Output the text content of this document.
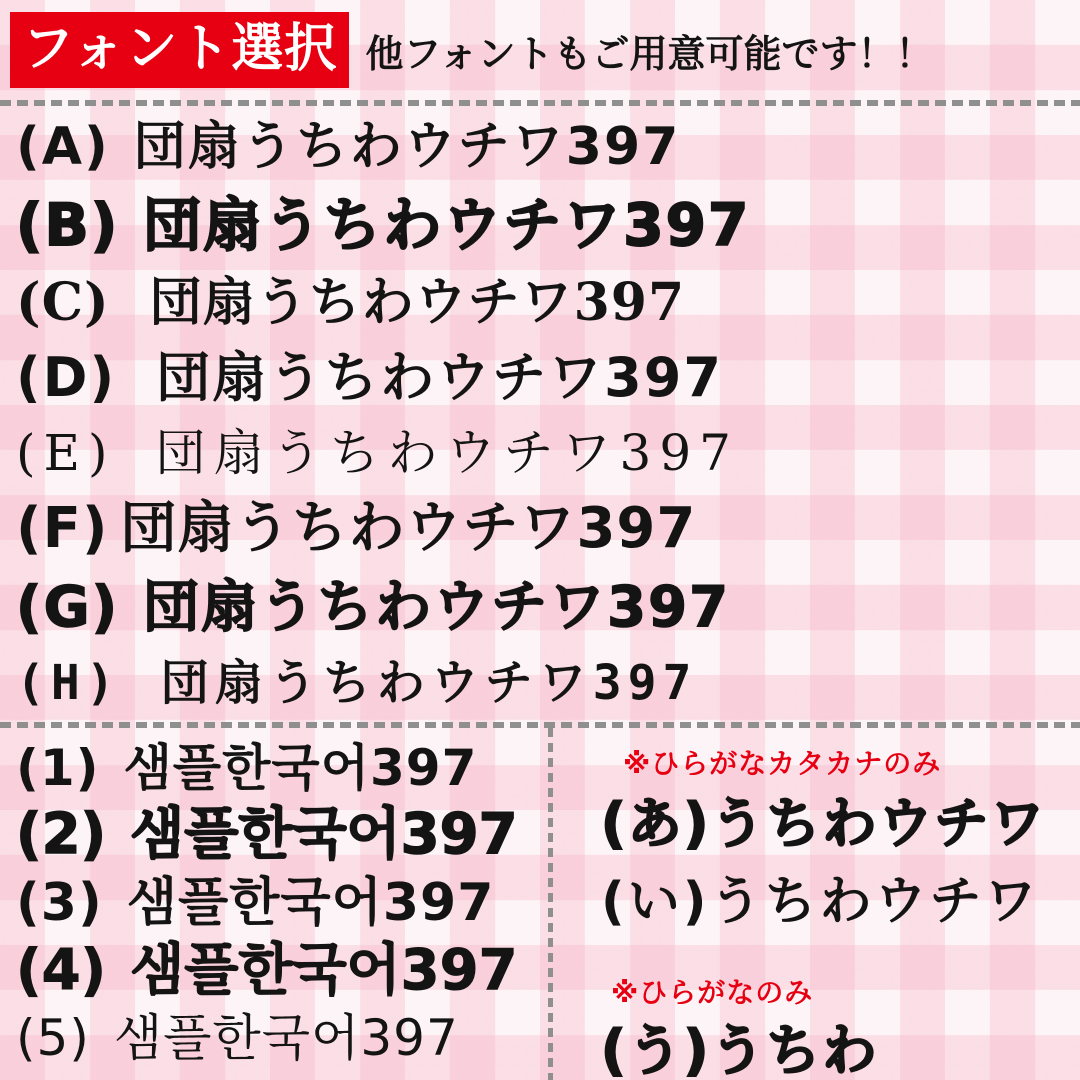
フォント選択 他フォントもご用意可能です！！
(A) 団扇うちわウチワ397
(B) 団扇うちわウチワ397
(C) 団扇うちわウチワ397
(D) 団扇うちわウチワ397
(E) 団扇うちわウチワ397
(F) 団扇うちわウチワ397
(G) 団扇うちわウチワ397
(H) 団扇うちわウチワ397
(1) 샘플한국어397
(2) 샘플한국어397
(3) 샘플한국어397
(4) 샘플한국어397
(5) 샘플한국어397
※ひらがなカタカナのみ
(あ) うちわウチワ
(い) うちわウチワ
※ひらがなのみ
(う) うちわ
